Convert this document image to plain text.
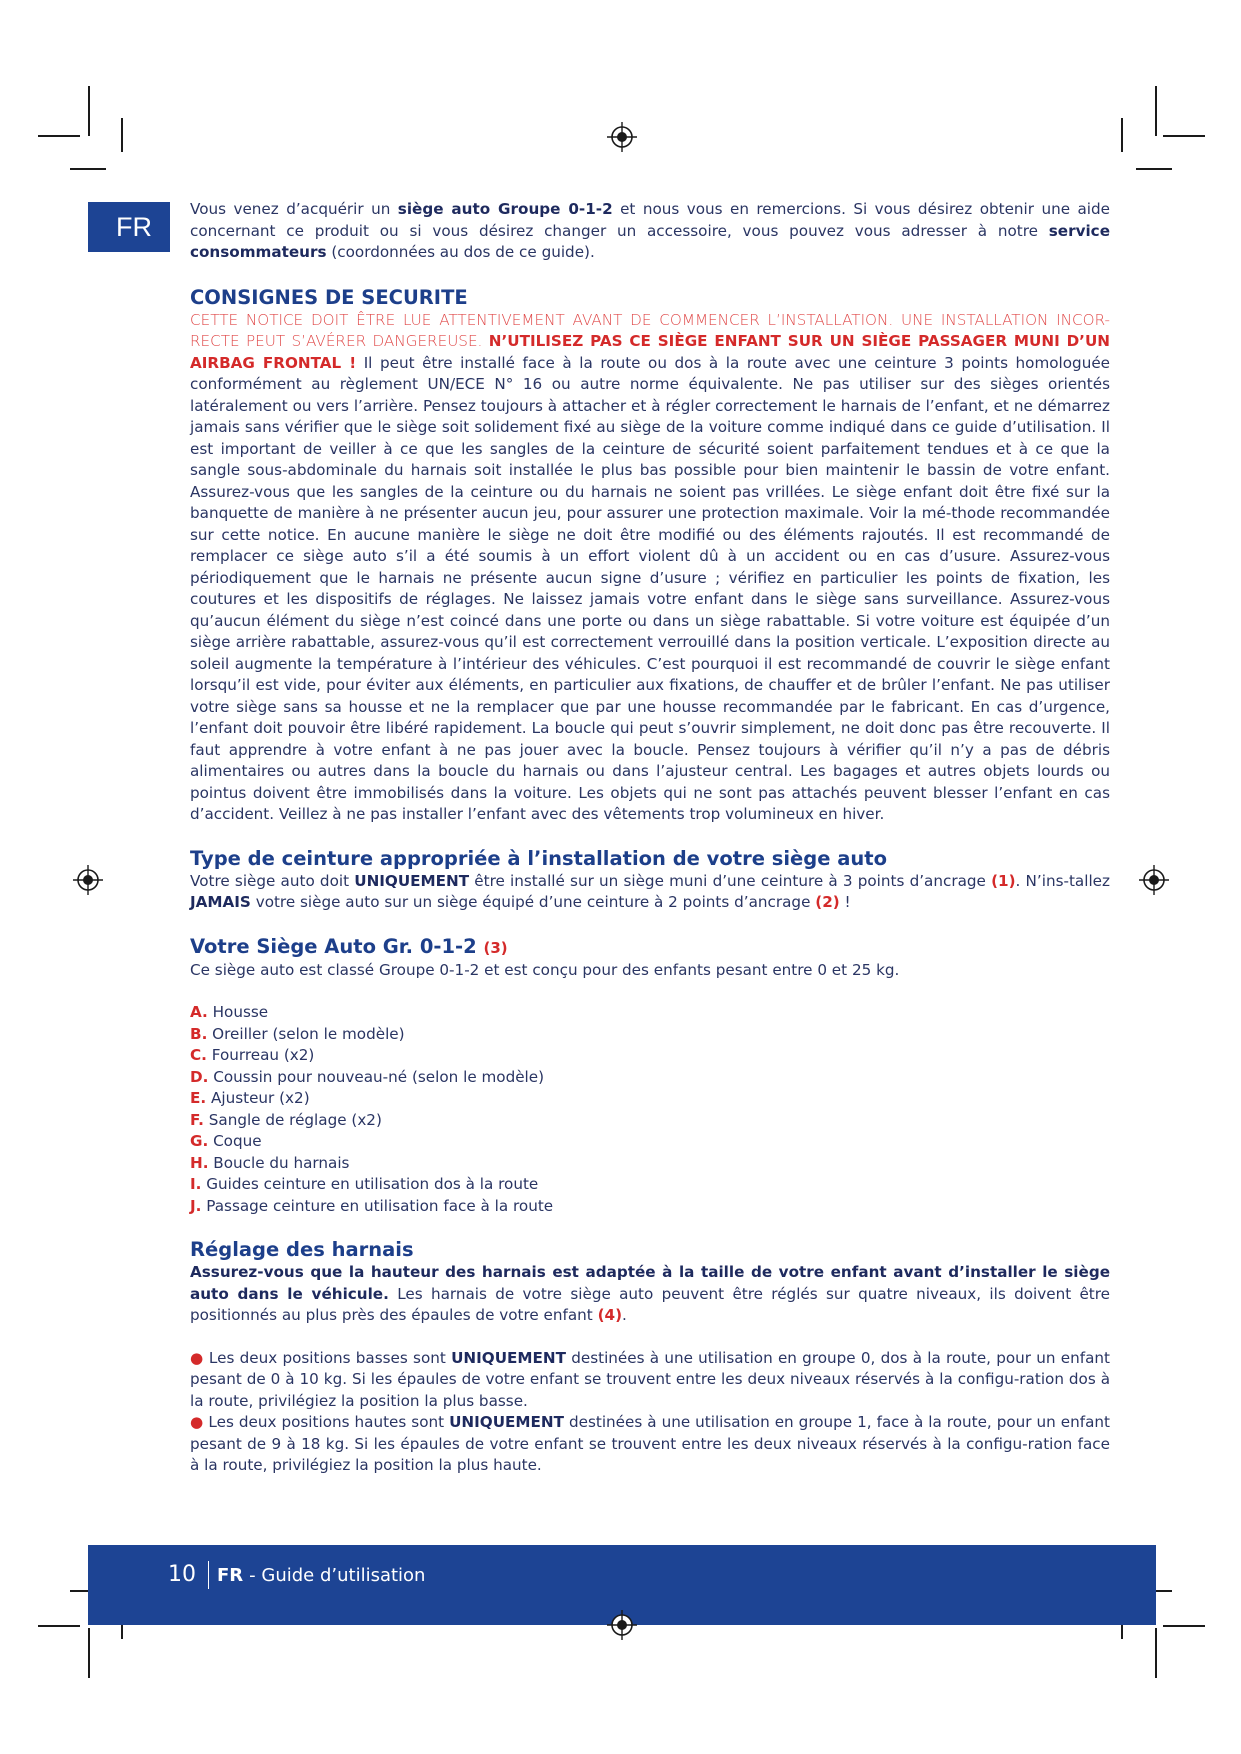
FR

Vous venez d’acquérir un siège auto Groupe 0-1-2 et nous vous en remercions. Si vous désirez obtenir une aide concernant ce produit ou si vous désirez changer un accessoire, vous pouvez vous adresser à notre service consommateurs (coordonnées au dos de ce guide).

CONSIGNES DE SECURITE

CETTE NOTICE DOIT ÊTRE LUE ATTENTIVEMENT AVANT DE COMMENCER L’INSTALLATION. UNE INSTALLATION INCOR-RECTE PEUT S’AVÉRER DANGEREUSE. N’UTILISEZ PAS CE SIÈGE ENFANT SUR UN SIÈGE PASSAGER MUNI D’UN AIRBAG FRONTAL ! Il peut être installé face à la route ou dos à la route avec une ceinture 3 points homologuée conformément au règlement UN/ECE N° 16 ou autre norme équivalente. Ne pas utiliser sur des sièges orientés latéralement ou vers l’arrière. Pensez toujours à attacher et à régler correctement le harnais de l’enfant, et ne démarrez jamais sans vérifier que le siège soit solidement fixé au siège de la voiture comme indiqué dans ce guide d’utilisation. Il est important de veiller à ce que les sangles de la ceinture de sécurité soient parfaitement tendues et à ce que la sangle sous-abdominale du harnais soit installée le plus bas possible pour bien maintenir le bassin de votre enfant. Assurez-vous que les sangles de la ceinture ou du harnais ne soient pas vrillées. Le siège enfant doit être fixé sur la banquette de manière à ne présenter aucun jeu, pour assurer une protection maximale. Voir la mé-thode recommandée sur cette notice. En aucune manière le siège ne doit être modifié ou des éléments rajoutés. Il est recommandé de remplacer ce siège auto s’il a été soumis à un effort violent dû à un accident ou en cas d’usure. Assurez-vous périodiquement que le harnais ne présente aucun signe d’usure ; vérifiez en particulier les points de fixation, les coutures et les dispositifs de réglages. Ne laissez jamais votre enfant dans le siège sans surveillance. Assurez-vous qu’aucun élément du siège n’est coincé dans une porte ou dans un siège rabattable. Si votre voiture est équipée d’un siège arrière rabattable, assurez-vous qu’il est correctement verrouillé dans la position verticale. L’exposition directe au soleil augmente la température à l’intérieur des véhicules. C’est pourquoi il est recommandé de couvrir le siège enfant lorsqu’il est vide, pour éviter aux éléments, en particulier aux fixations, de chauffer et de brûler l’enfant. Ne pas utiliser votre siège sans sa housse et ne la remplacer que par une housse recommandée par le fabricant. En cas d’urgence, l’enfant doit pouvoir être libéré rapidement. La boucle qui peut s’ouvrir simplement, ne doit donc pas être recouverte. Il faut apprendre à votre enfant à ne pas jouer avec la boucle. Pensez toujours à vérifier qu’il n’y a pas de débris alimentaires ou autres dans la boucle du harnais ou dans l’ajusteur central. Les bagages et autres objets lourds ou pointus doivent être immobilisés dans la voiture. Les objets qui ne sont pas attachés peuvent blesser l’enfant en cas d’accident. Veillez à ne pas installer l’enfant avec des vêtements trop volumineux en hiver.

Type de ceinture appropriée à l’installation de votre siège auto

Votre siège auto doit UNIQUEMENT être installé sur un siège muni d’une ceinture à 3 points d’ancrage (1). N’ins-tallez JAMAIS votre siège auto sur un siège équipé d’une ceinture à 2 points d’ancrage (2) !

Votre Siège Auto Gr. 0-1-2 (3)

Ce siège auto est classé Groupe 0-1-2 et est conçu pour des enfants pesant entre 0 et 25 kg.

A. Housse

B. Oreiller (selon le modèle)

C. Fourreau (x2)

D. Coussin pour nouveau-né (selon le modèle)

E. Ajusteur (x2)

F. Sangle de réglage (x2)

G. Coque

H. Boucle du harnais

I. Guides ceinture en utilisation dos à la route

J. Passage ceinture en utilisation face à la route

Réglage des harnais

Assurez-vous que la hauteur des harnais est adaptée à la taille de votre enfant avant d’installer le siège auto dans le véhicule. Les harnais de votre siège auto peuvent être réglés sur quatre niveaux, ils doivent être positionnés au plus près des épaules de votre enfant (4).

● Les deux positions basses sont UNIQUEMENT destinées à une utilisation en groupe 0, dos à la route, pour un enfant pesant de 0 à 10 kg. Si les épaules de votre enfant se trouvent entre les deux niveaux réservés à la configu-ration dos à la route, privilégiez la position la plus basse.

● Les deux positions hautes sont UNIQUEMENT destinées à une utilisation en groupe 1, face à la route, pour un enfant pesant de 9 à 18 kg. Si les épaules de votre enfant se trouvent entre les deux niveaux réservés à la configu-ration face à la route, privilégiez la position la plus haute.

10	FR - Guide d’utilisation
